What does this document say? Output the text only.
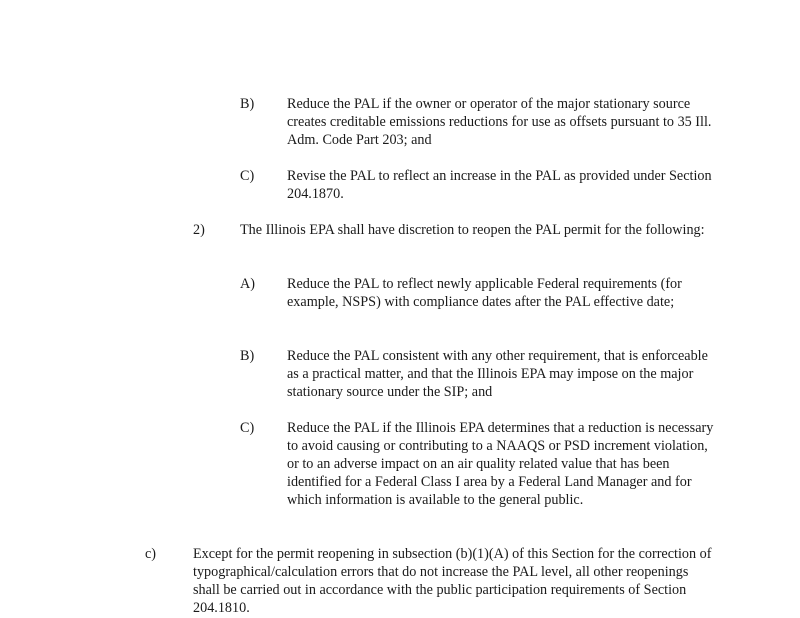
B) Reduce the PAL if the owner or operator of the major stationary source creates creditable emissions reductions for use as offsets pursuant to 35 Ill. Adm. Code Part 203; and

C) Revise the PAL to reflect an increase in the PAL as provided under Section 204.1870.

2) The Illinois EPA shall have discretion to reopen the PAL permit for the following:

A) Reduce the PAL to reflect newly applicable Federal requirements (for example, NSPS) with compliance dates after the PAL effective date;

B) Reduce the PAL consistent with any other requirement, that is enforceable as a practical matter, and that the Illinois EPA may impose on the major stationary source under the SIP; and

C) Reduce the PAL if the Illinois EPA determines that a reduction is necessary to avoid causing or contributing to a NAAQS or PSD increment violation, or to an adverse impact on an air quality related value that has been identified for a Federal Class I area by a Federal Land Manager and for which information is available to the general public.

c)	Except for the permit reopening in subsection (b)(1)(A) of this Section for the correction of typographical/calculation errors that do not increase the PAL level, all other reopenings shall be carried out in accordance with the public participation requirements of Section 204.1810.
